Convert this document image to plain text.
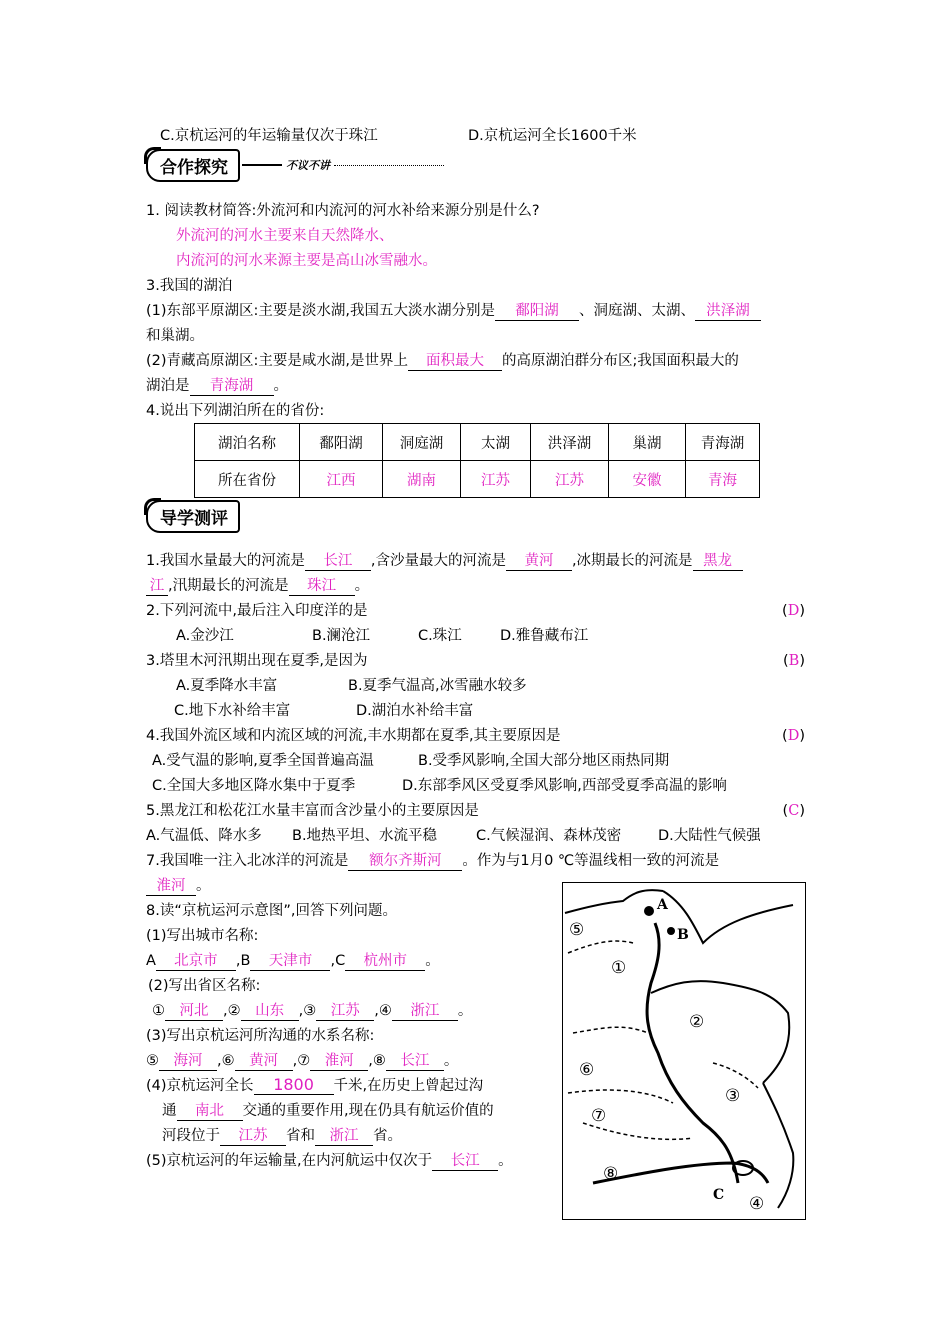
C.京杭运河的年运输量仅次于珠江	D.京杭运河全长1600千米
合作探究	不议不讲
1. 阅读教材简答:外流河和内流河的河水补给来源分别是什么?
外流河的河水主要来自天然降水、
内流河的河水来源主要是高山冰雪融水。
3.我国的湖泊
(1)东部平原湖区:主要是淡水湖,我国五大淡水湖分别是 鄱阳湖 、洞庭湖、太湖、 洪泽湖
和巢湖。
(2)青藏高原湖区:主要是咸水湖,是世界上 面积最大 的高原湖泊群分布区;我国面积最大的
湖泊是 青海湖 。
4.说出下列湖泊所在的省份:
湖泊名称	鄱阳湖	洞庭湖	太湖	洪泽湖	巢湖	青海湖
所在省份	江西	湖南	江苏	江苏	安徽	青海
导学测评
1.我国水量最大的河流是 长江 ,含沙量最大的河流是 黄河 ,冰期最长的河流是 黑龙
江 ,汛期最长的河流是 珠江 。
2.下列河流中,最后注入印度洋的是	(D)
A.金沙江	B.澜沧江	C.珠江	D.雅鲁藏布江
3.塔里木河汛期出现在夏季,是因为	(B)
A.夏季降水丰富	B.夏季气温高,冰雪融水较多
C.地下水补给丰富	D.湖泊水补给丰富
4.我国外流区域和内流区域的河流,丰水期都在夏季,其主要原因是	(D)
A.受气温的影响,夏季全国普遍高温	B.受季风影响,全国大部分地区雨热同期
C.全国大多地区降水集中于夏季	D.东部季风区受夏季风影响,西部受夏季高温的影响
5.黑龙江和松花江水量丰富而含沙量小的主要原因是	(C)
A.气温低、降水多 B.地热平坦、水流平稳	C.气候湿润、森林茂密	D.大陆性气候强
7.我国唯一注入北冰洋的河流是 额尔齐斯河 。作为与1月0 ℃等温线相一致的河流是
淮河 。
8.读“京杭运河示意图”,回答下列问题。
(1)写出城市名称:
A 北京市 ,B 天津市 ,C 杭州市 。
(2)写出省区名称:
① 河北 ,② 山东 ,③ 江苏 ,④ 浙江 。
(3)写出京杭运河所沟通的水系名称:
⑤ 海河 ,⑥ 黄河 ,⑦ 淮河 ,⑧ 长江 。
(4)京杭运河全长 1800 千米,在历史上曾起过沟
通 南北 交通的重要作用,现在仍具有航运价值的
河段位于 江苏 省和 浙江 省。
(5)京杭运河的年运输量,在内河航运中仅次于 长江 。
A
B
C
①
②
③
④
⑤
⑥
⑦
⑧
